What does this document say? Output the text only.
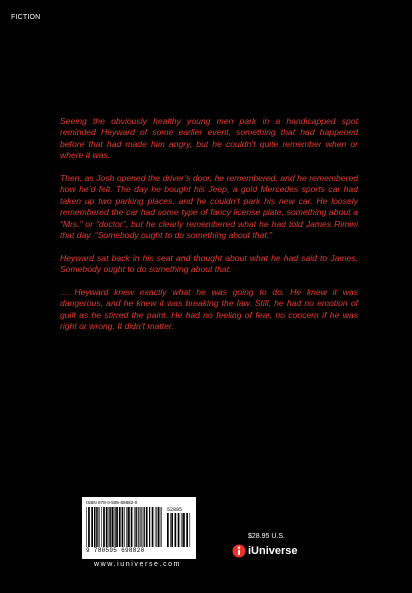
FICTION

Seeing the obviously healthy young men park in a handicapped spot reminded Heyward of some earlier event, something that had happened before that had made him angry, but he couldn’t quite remember when or where it was.

Then, as Josh opened the driver’s door, he remembered, and he remembered how he’d felt. The day he bought his Jeep, a gold Mercedes sports car had taken up two parking places, and he couldn’t park his new car. He loosely remembered the car had some type of fancy license plate, something about a “Mrs.” or “doctor”, but he clearly remembered what he had told James Rimini that day. “Somebody ought to do something about that.”

Heyward sat back in his seat and thought about what he had said to James. Somebody ought to do something about that.

… Heyward knew exactly what he was going to do. He knew it was dangerous, and he knew it was breaking the law. Still, he had no emotion of guilt as he stirred the paint. He had no feeling of fear, no concern if he was right or wrong. It didn’t matter.

ISBN 978-0-595-69882-0
52895
9 780595 698820
www.iuniverse.com
$28.95 U.S.
iUniverse
